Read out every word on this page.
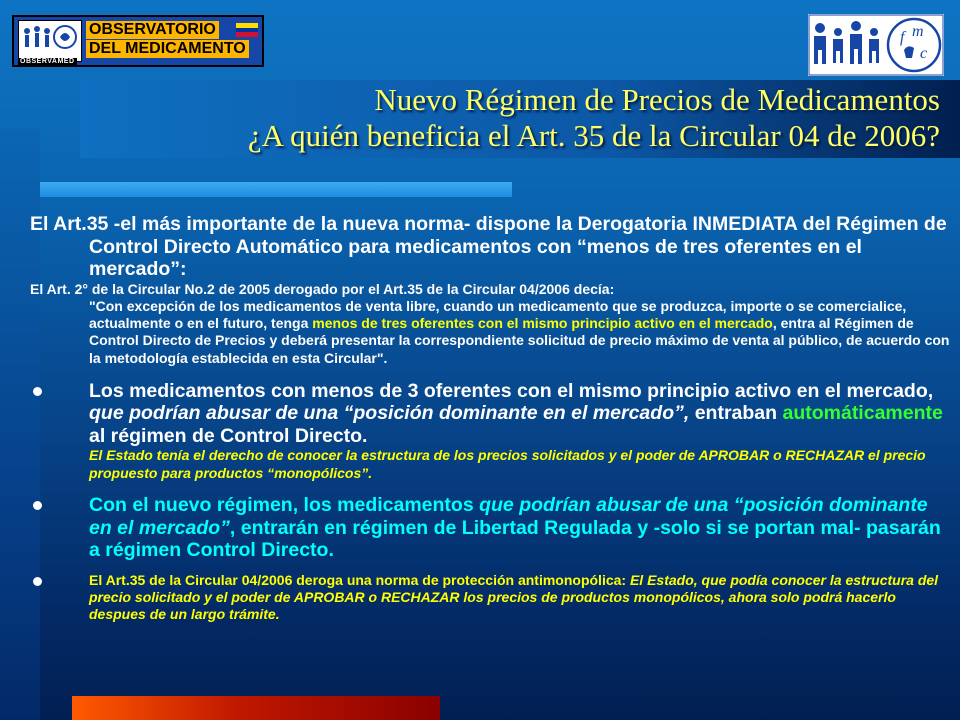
OBSERVAMED
OBSERVATORIO
DEL MEDICAMENTO
f m
c
Nuevo Régimen de Precios de Medicamentos
¿A quién beneficia el Art. 35 de la Circular 04 de 2006?

El Art.35 -el más importante de la nueva norma- dispone la Derogatoria INMEDIATA del Régimen de Control Directo Automático para medicamentos con “menos de tres oferentes en el mercado”:
El Art. 2° de la Circular No.2 de 2005 derogado por el Art.35 de la Circular 04/2006 decía:
"Con excepción de los medicamentos de venta libre, cuando un medicamento que se produzca, importe o se comercialice, actualmente o en el futuro, tenga menos de tres oferentes con el mismo principio activo en el mercado, entra al Régimen de Control Directo de Precios y deberá presentar la correspondiente solicitud de precio máximo de venta al público, de acuerdo con la metodología establecida en esta Circular".

Los medicamentos con menos de 3 oferentes con el mismo principio activo en el mercado, que podrían abusar de una “posición dominante en el mercado”, entraban automáticamente al régimen de Control Directo.
El Estado tenía el derecho de conocer la estructura de los precios solicitados y el poder de APROBAR o RECHAZAR el precio propuesto para productos “monopólicos”.
Con el nuevo régimen, los medicamentos que podrían abusar de una “posición dominante en el mercado”, entrarán en régimen de Libertad Regulada y -solo si se portan mal- pasarán a régimen Control Directo.
El Art.35 de la Circular 04/2006 deroga una norma de protección antimonopólica: El Estado, que podía conocer la estructura del precio solicitado y el poder de APROBAR o RECHAZAR los precios de productos monopólicos, ahora solo podrá hacerlo despues de un largo trámite.
